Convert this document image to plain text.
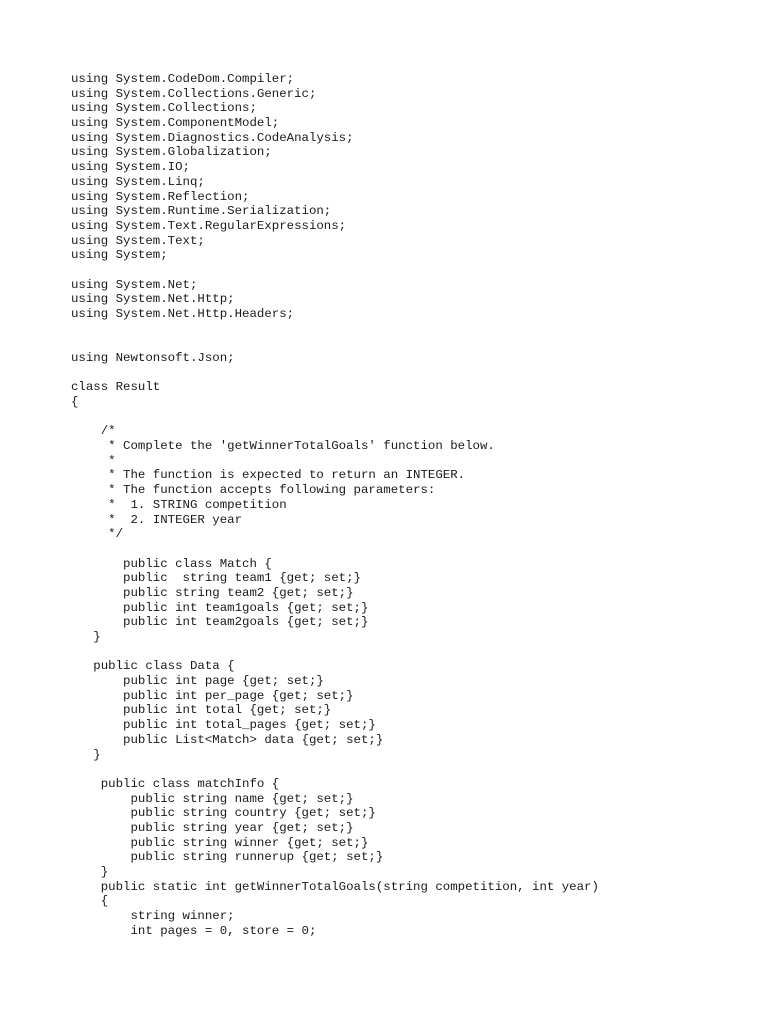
using System.CodeDom.Compiler;
using System.Collections.Generic;
using System.Collections;
using System.ComponentModel;
using System.Diagnostics.CodeAnalysis;
using System.Globalization;
using System.IO;
using System.Linq;
using System.Reflection;
using System.Runtime.Serialization;
using System.Text.RegularExpressions;
using System.Text;
using System;
using System.Net;
using System.Net.Http;
using System.Net.Http.Headers;
using Newtonsoft.Json;
class Result
{
/*
* Complete the 'getWinnerTotalGoals' function below.
*
* The function is expected to return an INTEGER.
* The function accepts following parameters:
*  1. STRING competition
*  2. INTEGER year
*/
public class Match {
public  string team1 {get; set;}
public string team2 {get; set;}
public int team1goals {get; set;}
public int team2goals {get; set;}
}
public class Data {
public int page {get; set;}
public int per_page {get; set;}
public int total {get; set;}
public int total_pages {get; set;}
public List<Match> data {get; set;}
}
public class matchInfo {
public string name {get; set;}
public string country {get; set;}
public string year {get; set;}
public string winner {get; set;}
public string runnerup {get; set;}
}
public static int getWinnerTotalGoals(string competition, int year)
{
string winner;
int pages = 0, store = 0;
